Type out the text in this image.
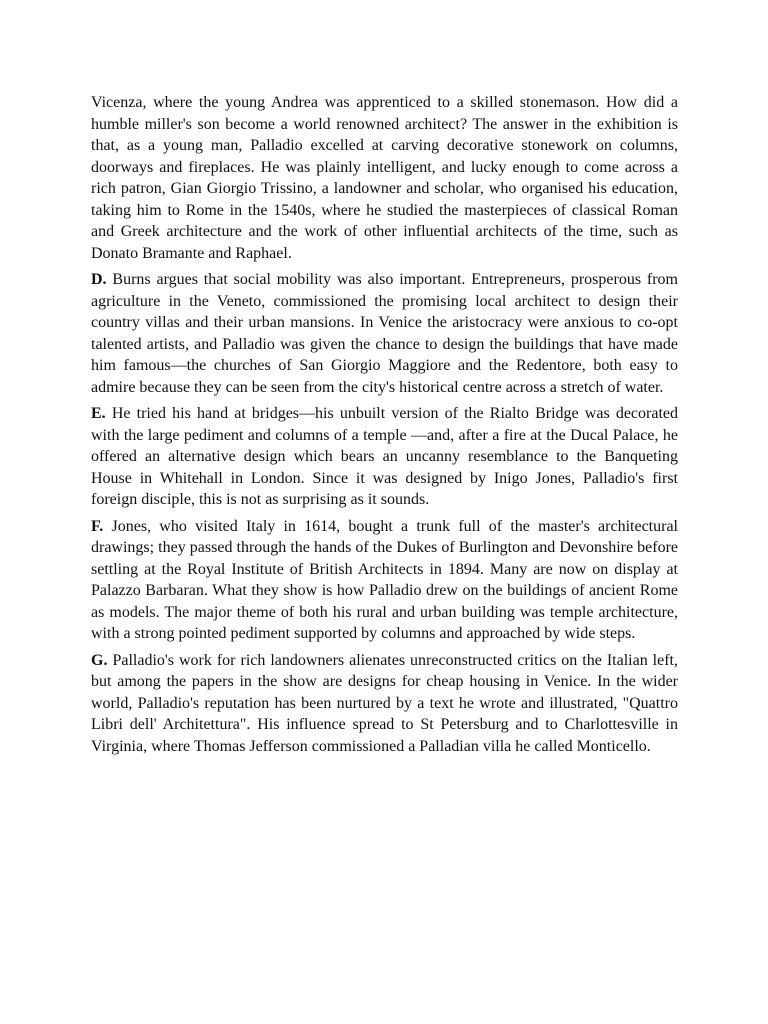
Vicenza, where the young Andrea was apprenticed to a skilled stonemason. How did a humble miller's son become a world renowned architect? The answer in the exhibition is that, as a young man, Palladio excelled at carving decorative stonework on columns, doorways and fireplaces. He was plainly intelligent, and lucky enough to come across a rich patron, Gian Giorgio Trissino, a landowner and scholar, who organised his education, taking him to Rome in the 1540s, where he studied the masterpieces of classical Roman and Greek architecture and the work of other influential architects of the time, such as Donato Bramante and Raphael.

D. Burns argues that social mobility was also important. Entrepreneurs, prosperous from agriculture in the Veneto, commissioned the promising local architect to design their country villas and their urban mansions. In Venice the aristocracy were anxious to co-opt talented artists, and Palladio was given the chance to design the buildings that have made him famous—the churches of San Giorgio Maggiore and the Redentore, both easy to admire because they can be seen from the city's historical centre across a stretch of water.

E. He tried his hand at bridges—his unbuilt version of the Rialto Bridge was decorated with the large pediment and columns of a temple —and, after a fire at the Ducal Palace, he offered an alternative design which bears an uncanny resemblance to the Banqueting House in Whitehall in London. Since it was designed by Inigo Jones, Palladio's first foreign disciple, this is not as surprising as it sounds.

F. Jones, who visited Italy in 1614, bought a trunk full of the master's architectural drawings; they passed through the hands of the Dukes of Burlington and Devonshire before settling at the Royal Institute of British Architects in 1894. Many are now on display at Palazzo Barbaran. What they show is how Palladio drew on the buildings of ancient Rome as models. The major theme of both his rural and urban building was temple architecture, with a strong pointed pediment supported by columns and approached by wide steps.

G. Palladio's work for rich landowners alienates unreconstructed critics on the Italian left, but among the papers in the show are designs for cheap housing in Venice. In the wider world, Palladio's reputation has been nurtured by a text he wrote and illustrated, "Quattro Libri dell' Architettura". His influence spread to St Petersburg and to Charlottesville in Virginia, where Thomas Jefferson commissioned a Palladian villa he called Monticello.
